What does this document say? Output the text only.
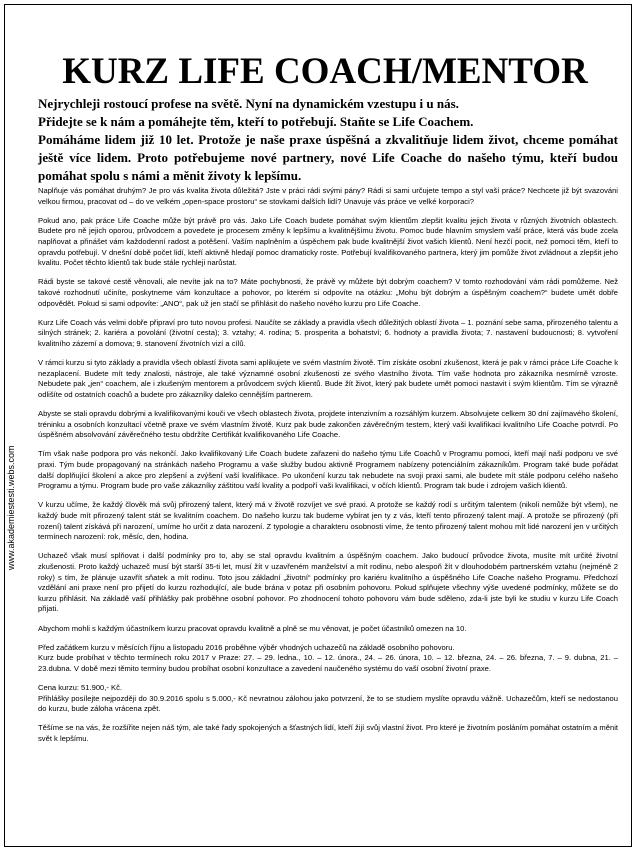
www.akademiestesti.webs.com
KURZ LIFE COACH/MENTOR

Nejrychleji rostoucí profese na světě. Nyní na dynamickém vzestupu i u nás.

Přidejte se k nám a pomáhejte těm, kteří to potřebují. Staňte se Life Coachem.

Pomáháme lidem již 10 let. Protože je naše praxe úspěšná a zkvalitňuje lidem život, chceme pomáhat ještě více lidem. Proto potřebujeme nové partnery, nové Life Coache do našeho týmu, kteří budou pomáhat spolu s námi a měnit životy k lepšímu.

Naplňuje vás pomáhat druhým? Je pro vás kvalita života důležitá? Jste v práci rádi svými pány? Rádi si sami určujete tempo a styl vaší práce? Nechcete již být svazováni velkou firmou, pracovat od – do ve velkém „open-space prostoru“ se stovkami dalších lidí? Unavuje vás práce ve velké korporaci?

Pokud ano, pak práce Life Coache může být právě pro vás. Jako Life Coach budete pomáhat svým klientům zlepšit kvalitu jejich života v různých životních oblastech. Budete pro ně jejich oporou, průvodcem a povedete je procesem změny k lepšímu a kvalitnějšímu životu. Pomoc bude hlavním smyslem vaší práce, která vás bude zcela naplňovat a přinášet vám každodenní radost a potěšení. Vaším naplněním a úspěchem pak bude kvalitnější život vašich klientů. Není hezčí pocit, než pomoci těm, kteří to opravdu potřebují. V dnešní době počet lidí, kteří aktivně hledají pomoc dramaticky roste. Potřebují kvalifikovaného partnera, který jim pomůže život zvládnout a zlepšit jeho kvalitu. Počet těchto klientů tak bude stále rychleji narůstat.

Rádi byste se takové cestě věnovali, ale nevíte jak na to? Máte pochybnosti, že právě vy můžete být dobrým coachem? V tomto rozhodování vám rádi pomůžeme. Než takové rozhodnutí učiníte, poskytneme vám konzultace a pohovor, po kterém si odpovíte na otázku: „Mohu být dobrým a úspěšným coachem?“ budete umět dobře odpovědět. Pokud si sami odpovíte: „ANO“, pak už jen stačí se přihlásit do našeho nového kurzu pro Life Coache.

Kurz Life Coach vás velmi dobře připraví pro tuto novou profesi. Naučíte se základy a pravidla všech důležitých oblastí života – 1. poznání sebe sama, přirozeného talentu a silných stránek; 2. kariéra a povolání (životní cesta); 3. vztahy; 4. rodina; 5. prosperita a bohatství; 6. hodnoty a pravidla života; 7. nastavení budoucnosti; 8. vytvoření kvalitního zázemí a domova; 9. stanovení životních vizí a cílů.

V rámci kurzu si tyto základy a pravidla všech oblastí života sami aplikujete ve svém vlastním životě. Tím získáte osobní zkušenost, která je pak v rámci práce Life Coache k nezaplacení. Budete mít tedy znalosti, nástroje, ale také významné osobní zkušenosti ze svého vlastního života. Tím vaše hodnota pro zákazníka nesmírně vzroste. Nebudete pak „jen“ coachem, ale i zkušeným mentorem a průvodcem svých klientů. Bude žít život, který pak budete umět pomoci nastavit i svým klientům. Tím se výrazně odlišíte od ostatních coachů a budete pro zákazníky daleko cennějším partnerem.

Abyste se stali opravdu dobrými a kvalifikovanými kouči ve všech oblastech života, projdete intenzivním a rozsáhlým kurzem. Absolvujete celkem 30 dní zajímavého školení, tréninku a osobních konzultací včetně praxe ve svém vlastním životě. Kurz pak bude zakončen závěrečným testem, který vaši kvalifikaci kvalitního Life Coache potvrdí. Po úspěšném absolvování závěrečného testu obdržíte Certifikát kvalifikovaného Life Coache.

Tím však naše podpora pro vás nekončí. Jako kvalifikovaný Life Coach budete zařazeni do našeho týmu Life Coachů v Programu pomoci, kteří mají naši podporu ve své praxi. Tým bude propagovaný na stránkách našeho Programu a vaše služby budou aktivně Programem nabízeny potenciálním zákazníkům. Program také bude pořádat další doplňující školení a akce pro zlepšení a zvýšení vaší kvalifikace. Po ukončení kurzu tak nebudete na svoji praxi sami, ale budete mít stále podporu celého našeho Programu a týmu. Program bude pro vaše zákazníky záštitou vaší kvality a podpoří vaši kvalifikaci, v očích klientů. Program tak bude i zdrojem vašich klientů.

V kurzu učíme, že každý člověk má svůj přirozený talent, který má v životě rozvíjet ve své praxi. A protože se každý rodí s určitým talentem (nikoli nemůže být všem), ne každý bude mít přirozený talent stát se kvalitním coachem. Do našeho kurzu tak budeme vybírat jen ty z vás, kteří tento přirozený talent mají. A protože se přirozený (při rození) talent získává při narození, umíme ho určit z data narození. Z typologie a charakteru osobnosti víme, že tento přirozený talent mohou mít lidé narození jen v určitých termínech narození: rok, měsíc, den, hodina.

Uchazeč však musí splňovat i další podmínky pro to, aby se stal opravdu kvalitním a úspěšným coachem. Jako budoucí průvodce života, musíte mít určité životní zkušenosti. Proto každý uchazeč musí být starší 35-ti let, musí žít v uzavřeném manželství a mít rodinu, nebo alespoň žít v dlouhodobém partnerském vztahu (nejméně 2 roky) s tím, že plánuje uzavřít sňatek a mít rodinu. Toto jsou základní „životní“ podmínky pro kariéru kvalitního a úspěšného Life Coache našeho Programu. Předchozí vzdělání ani praxe není pro přijetí do kurzu rozhodující, ale bude brána v potaz při osobním pohovoru. Pokud splňujete všechny výše uvedené podmínky, můžete se do kurzu přihlásit. Na základě vaší přihlášky pak proběhne osobní pohovor. Po zhodnocení tohoto pohovoru vám bude sděleno, zda-li jste byli ke studiu v kurzu Life Coach přijati.

Abychom mohli s každým účastníkem kurzu pracovat opravdu kvalitně a plně se mu věnovat, je počet účastníků omezen na 10.

Před začátkem kurzu v měsících říjnu a listopadu 2016 proběhne výběr vhodných uchazečů na základě osobního pohovoru.

Kurz bude probíhat v těchto termínech roku 2017 v Praze: 27. – 29. ledna., 10. – 12. února., 24. – 26. února, 10. – 12. března, 24. – 26. března, 7. – 9. dubna, 21. – 23.dubna. V době mezi těmito termíny budou probíhat osobní konzultace a zavedení naučeného systému do vaší osobní životní praxe.

Cena kurzu: 51.900,- Kč.

Přihlášky posílejte nejpozději do 30.9.2016 spolu s 5.000,- Kč nevratnou zálohou jako potvrzení, že to se studiem myslíte opravdu vážně. Uchazečům, kteří se nedostanou do kurzu, bude záloha vrácena zpět.

Těšíme se na vás, že rozšířite nejen náš tým, ale také řady spokojených a šťastných lidí, kteří žijí svůj vlastní život. Pro které je životním posláním pomáhat ostatním a měnit svět k lepšímu.
